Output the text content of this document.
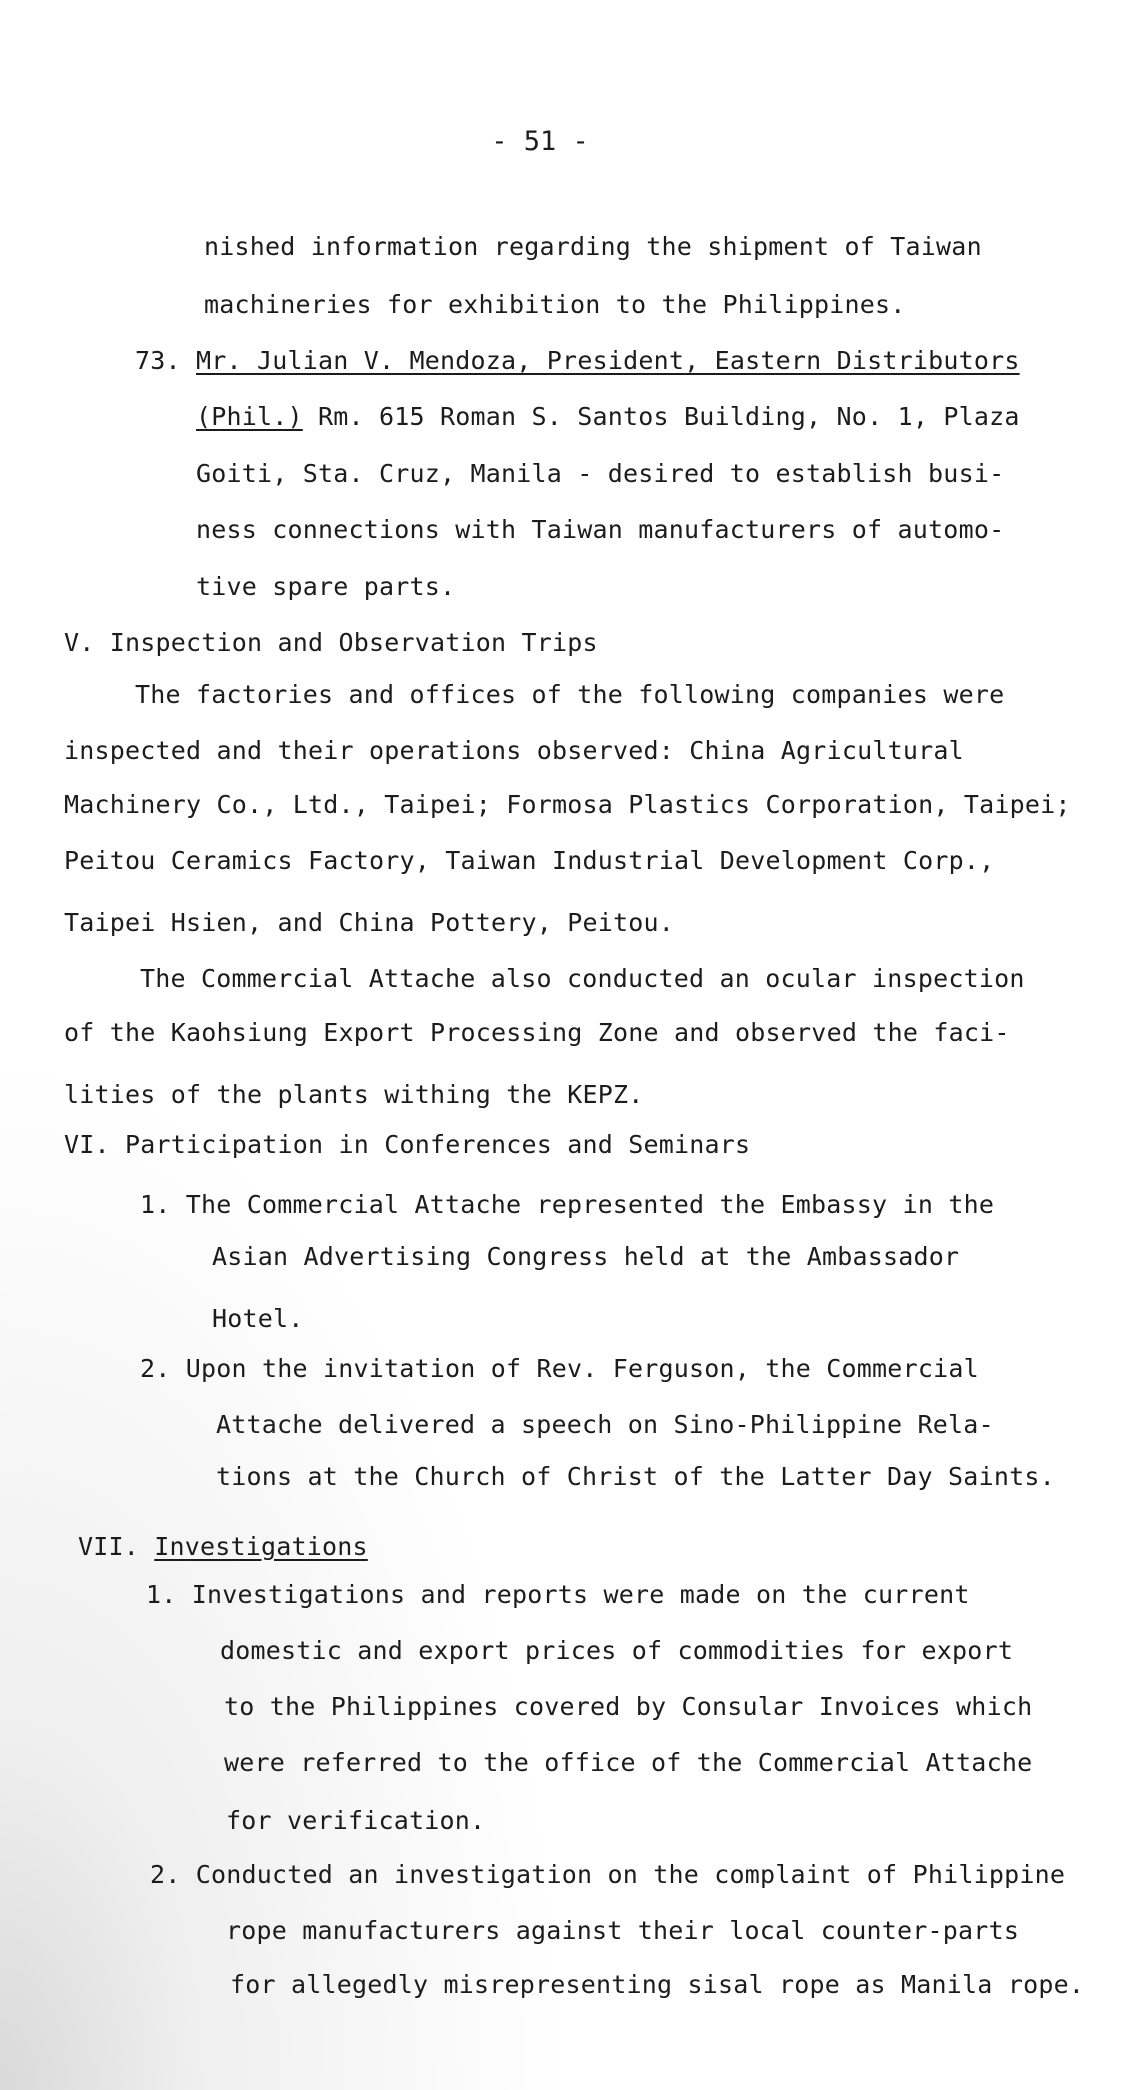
- 51 -
nished information regarding the shipment of Taiwan
machineries for exhibition to the Philippines.
73. Mr. Julian V. Mendoza, President, Eastern Distributors
(Phil.) Rm. 615 Roman S. Santos Building, No. 1, Plaza
Goiti, Sta. Cruz, Manila - desired to establish busi-
ness connections with Taiwan manufacturers of automo-
tive spare parts.
V. Inspection and Observation Trips
The factories and offices of the following companies were
inspected and their operations observed: China Agricultural
Machinery Co., Ltd., Taipei; Formosa Plastics Corporation, Taipei;
Peitou Ceramics Factory, Taiwan Industrial Development Corp.,
Taipei Hsien, and China Pottery, Peitou.
The Commercial Attache also conducted an ocular inspection
of the Kaohsiung Export Processing Zone and observed the faci-
lities of the plants withing the KEPZ.
VI. Participation in Conferences and Seminars
1. The Commercial Attache represented the Embassy in the
Asian Advertising Congress held at the Ambassador
Hotel.
2. Upon the invitation of Rev. Ferguson, the Commercial
Attache delivered a speech on Sino-Philippine Rela-
tions at the Church of Christ of the Latter Day Saints.
VII. Investigations
1. Investigations and reports were made on the current
domestic and export prices of commodities for export
to the Philippines covered by Consular Invoices which
were referred to the office of the Commercial Attache
for verification.
2. Conducted an investigation on the complaint of Philippine
rope manufacturers against their local counter-parts
for allegedly misrepresenting sisal rope as Manila rope.
